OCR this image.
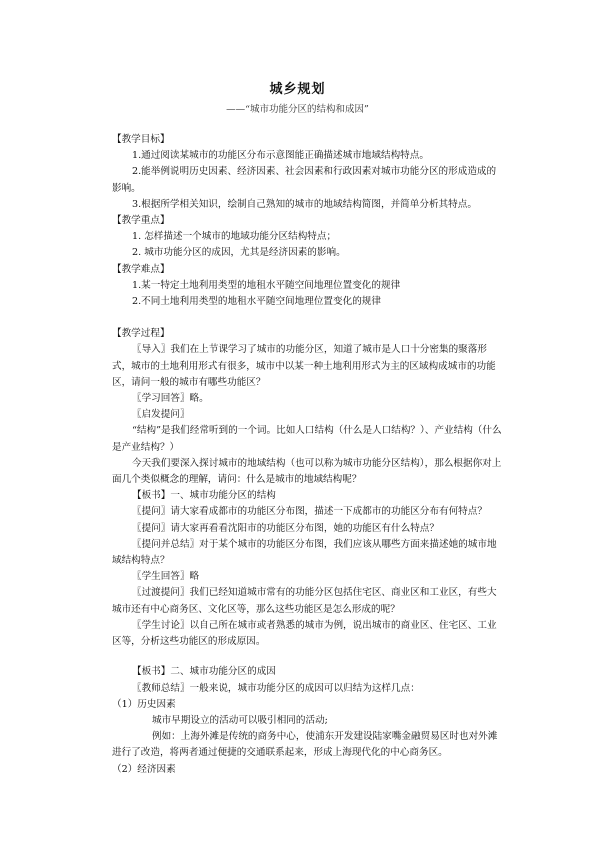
城乡规划
——“城市功能分区的结构和成因”

【教学目标】

1.通过阅读某城市的功能区分布示意图能正确描述城市地域结构特点。

2.能举例说明历史因素、经济因素、社会因素和行政因素对城市功能分区的形成造成的影响。

3.根据所学相关知识，绘制自己熟知的城市的地域结构简图，并简单分析其特点。

【教学重点】

1. 怎样描述一个城市的地域功能分区结构特点；

2. 城市功能分区的成因，尤其是经济因素的影响。

【教学难点】

1.某一特定土地利用类型的地租水平随空间地理位置变化的规律

2.不同土地利用类型的地租水平随空间地理位置变化的规律

【教学过程】

〖导入〗我们在上节课学习了城市的功能分区，知道了城市是人口十分密集的聚落形式，城市的土地利用形式有很多，城市中以某一种土地利用形式为主的区域构成城市的功能区，请问一般的城市有哪些功能区？

〖学习回答〗略。

〖启发提问〗

“结构”是我们经常听到的一个词。比如人口结构（什么是人口结构？）、产业结构（什么是产业结构？）

今天我们要深入探讨城市的地域结构（也可以称为城市功能分区结构），那么根据你对上面几个类似概念的理解，请问：什么是城市的地域结构呢？

【板书】一、城市功能分区的结构

〖提问〗请大家看成都市的功能区分布图，描述一下成都市的功能区分布有何特点？

〖提问〗请大家再看看沈阳市的功能区分布图，她的功能区有什么特点？

〖提问并总结〗对于某个城市的功能区分布图，我们应该从哪些方面来描述她的城市地域结构特点？

〖学生回答〗略

〖过渡提问〗我们已经知道城市常有的功能分区包括住宅区、商业区和工业区，有些大城市还有中心商务区、文化区等，那么这些功能区是怎么形成的呢？

〖学生讨论〗以自己所在城市或者熟悉的城市为例，说出城市的商业区、住宅区、工业区等，分析这些功能区的形成原因。

【板书】二、城市功能分区的成因

〖教师总结〗一般来说，城市功能分区的成因可以归结为这样几点：

（1）历史因素

城市早期设立的活动可以吸引相同的活动;

例如：上海外滩是传统的商务中心，使浦东开发建设陆家嘴金融贸易区时也对外滩进行了改造，将两者通过便捷的交通联系起来，形成上海现代化的中心商务区。

（2）经济因素
